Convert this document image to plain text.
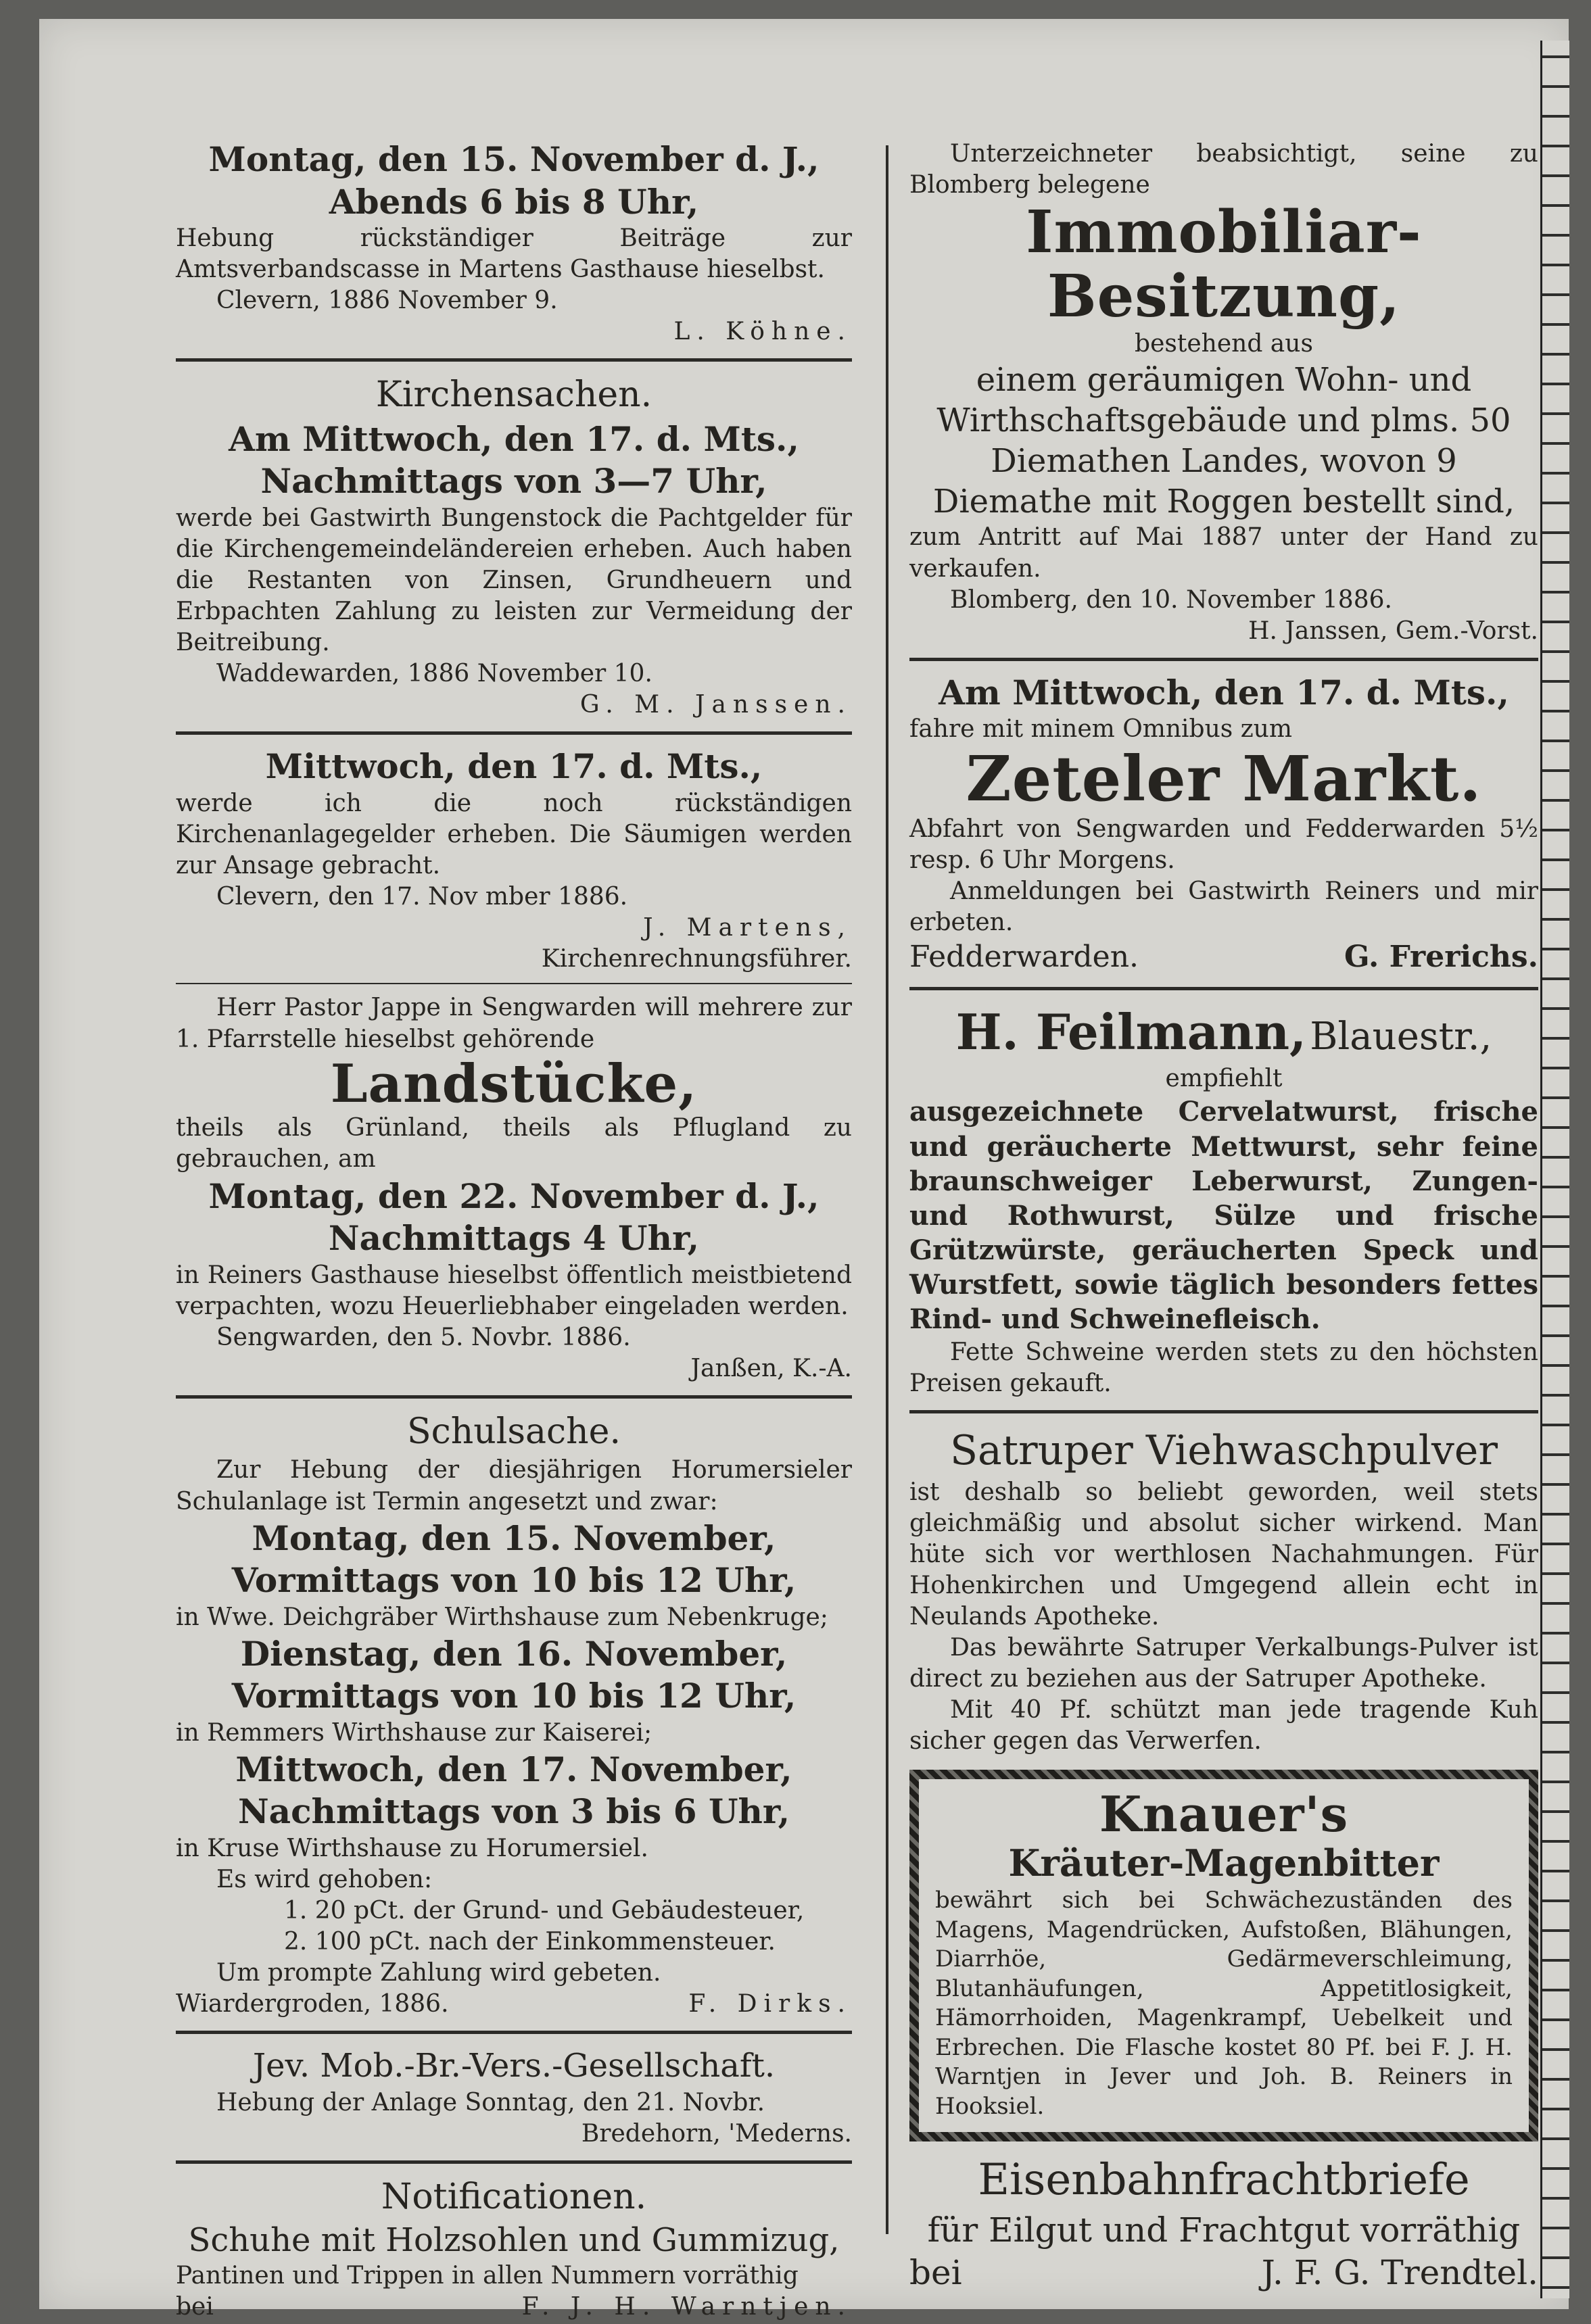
Montag, den 15. November d. J.,

Abends 6 bis 8 Uhr,

Hebung rückständiger Beiträge zur Amtsverbandscasse in Martens Gasthause hieselbst.

Clevern, 1886 November 9.

L. Köhne.

Kirchensachen.

Am Mittwoch, den 17. d. Mts.,

Nachmittags von 3—7 Uhr,

werde bei Gastwirth Bungenstock die Pachtgelder für die Kirchengemeindeländereien erheben. Auch haben die Restanten von Zinsen, Grundheuern und Erbpachten Zahlung zu leisten zur Vermeidung der Beitreibung.

Waddewarden, 1886 November 10.

G. M. Janssen.

Mittwoch, den 17. d. Mts.,

werde ich die noch rückständigen Kirchenanlagegelder erheben. Die Säumigen werden zur Ansage gebracht.

Clevern, den 17. Nov mber 1886.

J. Martens,

Kirchenrechnungsführer.

Herr Pastor Jappe in Sengwarden will mehrere zur 1. Pfarrstelle hieselbst gehörende

Landstücke,

theils als Grünland, theils als Pflugland zu gebrauchen, am

Montag, den 22. November d. J.,

Nachmittags 4 Uhr,

in Reiners Gasthause hieselbst öffentlich meistbietend verpachten, wozu Heuerliebhaber eingeladen werden.

Sengwarden, den 5. Novbr. 1886.

Janßen, K.-A.

Schulsache.

Zur Hebung der diesjährigen Horumersieler Schulanlage ist Termin angesetzt und zwar:

Montag, den 15. November,

Vormittags von 10 bis 12 Uhr,

in Wwe. Deichgräber Wirthshause zum Nebenkruge;

Dienstag, den 16. November,

Vormittags von 10 bis 12 Uhr,

in Remmers Wirthshause zur Kaiserei;

Mittwoch, den 17. November,

Nachmittags von 3 bis 6 Uhr,

in Kruse Wirthshause zu Horumersiel.

Es wird gehoben:

1. 20 pCt. der Grund- und Gebäudesteuer,

2. 100 pCt. nach der Einkommensteuer.

Um prompte Zahlung wird gebeten.

Wiardergroden, 1886.	F. Dirks.

Jev. Mob.-Br.-Vers.-Gesellschaft.

Hebung der Anlage Sonntag, den 21. Novbr.

Bredehorn, 'Mederns.

Notificationen.

Schuhe mit Holzsohlen und Gummizug,

Pantinen und Trippen in allen Nummern vorräthig

bei	F. J. H. Warntjen.

Unterzeichneter beabsichtigt, seine zu Blomberg belegene

Immobiliar-Besitzung,

bestehend aus

einem geräumigen Wohn- und Wirthschaftsgebäude und plms. 50 Diemathen Landes, wovon 9 Diemathe mit Roggen bestellt sind,

zum Antritt auf Mai 1887 unter der Hand zu verkaufen.

Blomberg, den 10. November 1886.

H. Janssen, Gem.-Vorst.

Am Mittwoch, den 17. d. Mts.,

fahre mit minem Omnibus zum

Zeteler Markt.

Abfahrt von Sengwarden und Fedderwarden 5½ resp. 6 Uhr Morgens.

Anmeldungen bei Gastwirth Reiners und mir erbeten.

Fedderwarden.	G. Frerichs.

H. Feilmann, Blauestr.,

empfiehlt

ausgezeichnete Cervelatwurst, frische und geräucherte Mettwurst, sehr feine braunschweiger Leberwurst, Zungen- und Rothwurst, Sülze und frische Grützwürste, geräucherten Speck und Wurstfett, sowie täglich besonders fettes Rind- und Schweinefleisch.

Fette Schweine werden stets zu den höchsten Preisen gekauft.

Satruper Viehwaschpulver

ist deshalb so beliebt geworden, weil stets gleichmäßig und absolut sicher wirkend. Man hüte sich vor werthlosen Nachahmungen. Für Hohenkirchen und Umgegend allein echt in Neulands Apotheke.

Das bewährte Satruper Verkalbungs-Pulver ist direct zu beziehen aus der Satruper Apotheke.

Mit 40 Pf. schützt man jede tragende Kuh sicher gegen das Verwerfen.

Knauer's

Kräuter-Magenbitter

bewährt sich bei Schwächezuständen des Magens, Magendrücken, Aufstoßen, Blähungen, Diarrhöe, Gedärmeverschleimung, Blutanhäufungen, Appetitlosigkeit, Hämorrhoiden, Magenkrampf, Uebelkeit und Erbrechen. Die Flasche kostet 80 Pf. bei F. J. H. Warntjen in Jever und Joh. B. Reiners in Hooksiel.

Eisenbahnfrachtbriefe

für Eilgut und Frachtgut vorräthig

bei	J. F. G. Trendtel.
